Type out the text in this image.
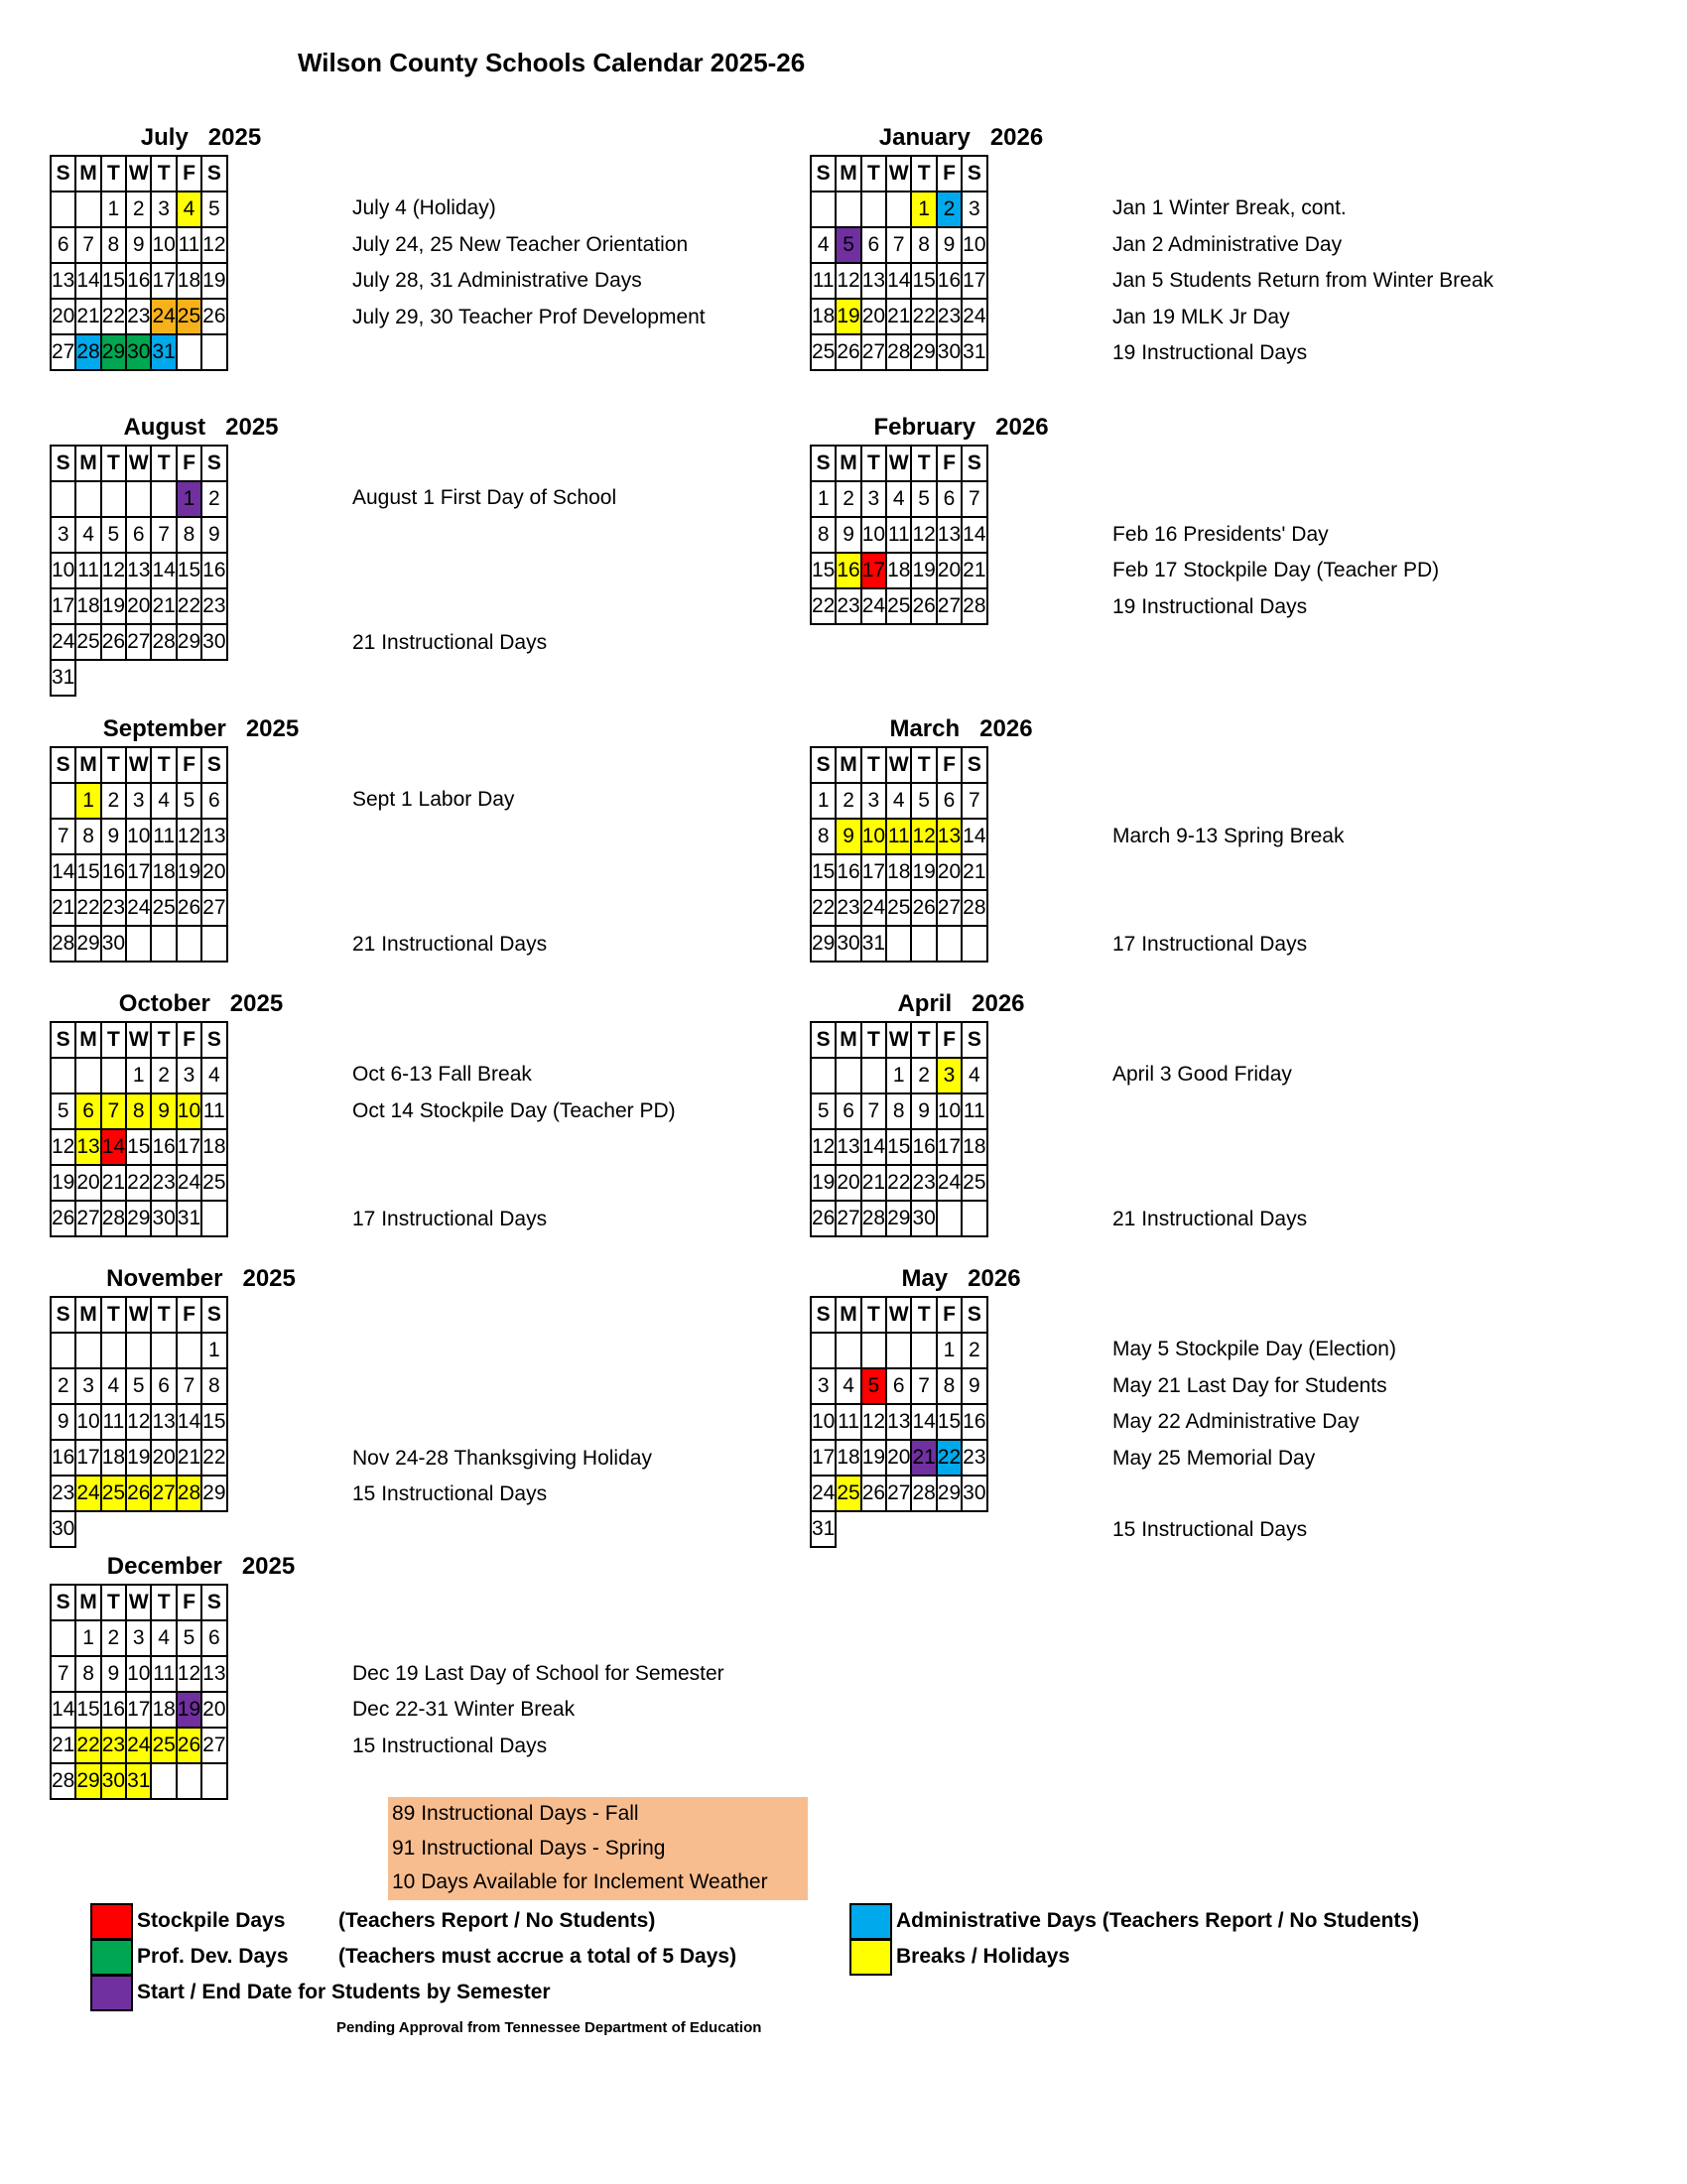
Wilson County Schools Calendar 2025-26
July   2025
S	M	T	W	T	F	S
		1	2	3	4	5
6	7	8	9	10	11	12
13	14	15	16	17	18	19
20	21	22	23	24	25	26
27	28	29	30	31		
July 4 (Holiday)
July 24, 25 New Teacher Orientation
July 28, 31 Administrative Days
July 29, 30 Teacher Prof Development
August   2025
S	M	T	W	T	F	S
					1	2
3	4	5	6	7	8	9
10	11	12	13	14	15	16
17	18	19	20	21	22	23
24	25	26	27	28	29	30
31						
August 1 First Day of School
21 Instructional Days
September   2025
S	M	T	W	T	F	S
	1	2	3	4	5	6
7	8	9	10	11	12	13
14	15	16	17	18	19	20
21	22	23	24	25	26	27
28	29	30				
Sept 1 Labor Day
21 Instructional Days
October   2025
S	M	T	W	T	F	S
			1	2	3	4
5	6	7	8	9	10	11
12	13	14	15	16	17	18
19	20	21	22	23	24	25
26	27	28	29	30	31	
Oct 6-13 Fall Break
Oct 14 Stockpile Day (Teacher PD)
17 Instructional Days
November   2025
S	M	T	W	T	F	S
						1
2	3	4	5	6	7	8
9	10	11	12	13	14	15
16	17	18	19	20	21	22
23	24	25	26	27	28	29
30						
Nov 24-28 Thanksgiving Holiday
15 Instructional Days
December   2025
S	M	T	W	T	F	S
	1	2	3	4	5	6
7	8	9	10	11	12	13
14	15	16	17	18	19	20
21	22	23	24	25	26	27
28	29	30	31			
Dec 19 Last Day of School for Semester
Dec 22-31 Winter Break
15 Instructional Days
January   2026
S	M	T	W	T	F	S
				1	2	3
4	5	6	7	8	9	10
11	12	13	14	15	16	17
18	19	20	21	22	23	24
25	26	27	28	29	30	31
Jan 1 Winter Break, cont.
Jan 2 Administrative Day
Jan 5 Students Return from Winter Break
Jan 19 MLK Jr Day
19 Instructional Days
February   2026
S	M	T	W	T	F	S
1	2	3	4	5	6	7
8	9	10	11	12	13	14
15	16	17	18	19	20	21
22	23	24	25	26	27	28
Feb 16 Presidents' Day
Feb 17 Stockpile Day (Teacher PD)
19 Instructional Days
March   2026
S	M	T	W	T	F	S
1	2	3	4	5	6	7
8	9	10	11	12	13	14
15	16	17	18	19	20	21
22	23	24	25	26	27	28
29	30	31				
March 9-13 Spring Break
17 Instructional Days
April   2026
S	M	T	W	T	F	S
			1	2	3	4
5	6	7	8	9	10	11
12	13	14	15	16	17	18
19	20	21	22	23	24	25
26	27	28	29	30		
April 3 Good Friday
21 Instructional Days
May   2026
S	M	T	W	T	F	S
					1	2
3	4	5	6	7	8	9
10	11	12	13	14	15	16
17	18	19	20	21	22	23
24	25	26	27	28	29	30
31						
May 5 Stockpile Day (Election)
May 21 Last Day for Students
May 22 Administrative Day
May 25 Memorial Day
15 Instructional Days
89 Instructional Days - Fall
91 Instructional Days - Spring
10 Days Available for Inclement Weather
Stockpile Days	(Teachers Report / No Students)
Prof. Dev. Days (Teachers must accrue a total of 5 Days)
Start / End Date for Students by Semester
Administrative Days (Teachers Report / No Students)
Breaks / Holidays
Pending Approval from Tennessee Department of Education
